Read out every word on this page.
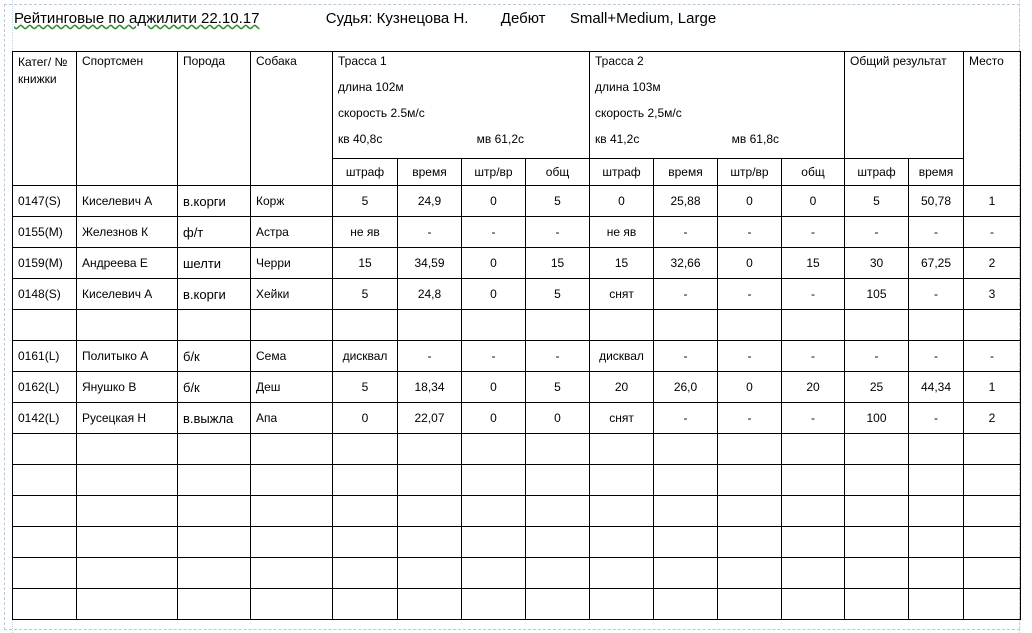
Рейтинговые по аджилити 22.10.17	Судья: Кузнецова Н. Дебют Small+Medium, Large
Катег/ № книжки	Спортсмен	Порода	Собака	Трасса 1				Трасса 2				Общий результат		Место
				длина 102м				длина 103м						
				скорость 2.5м/с				скорость 2,5м/с						

				кв 40,8с мв 61,2с				кв 41,2с мв 61,8с						

				штраф	время	штр/вр	общ	штраф	время	штр/вр	общ	штраф	время	
0147(S)	Киселевич А	в.корги	Корж	5	24,9	0	5	0	25,88	0	0	5	50,78	1
0155(M)	Железнов К	ф/т	Астра	не яв	-	-	-	не яв	-	-	-	-	-	-
0159(M)	Андреева Е	шелти	Черри	15	34,59	0	15	15	32,66	0	15	30	67,25	2
0148(S)	Киселевич А	в.корги	Хейки	5	24,8	0	5	снят	-	-	-	105	-	3

0161(L)	Политыко А	б/к	Сема	дисквал	-	-	-	дисквал	-	-	-	-	-	-
0162(L)	Янушко В	б/к	Деш	5	18,34	0	5	20	26,0	0	20	25	44,34	1
0142(L)	Русецкая Н	в.выжла	Апа	0	22,07	0	0	снят	-	-	-	100	-	2
